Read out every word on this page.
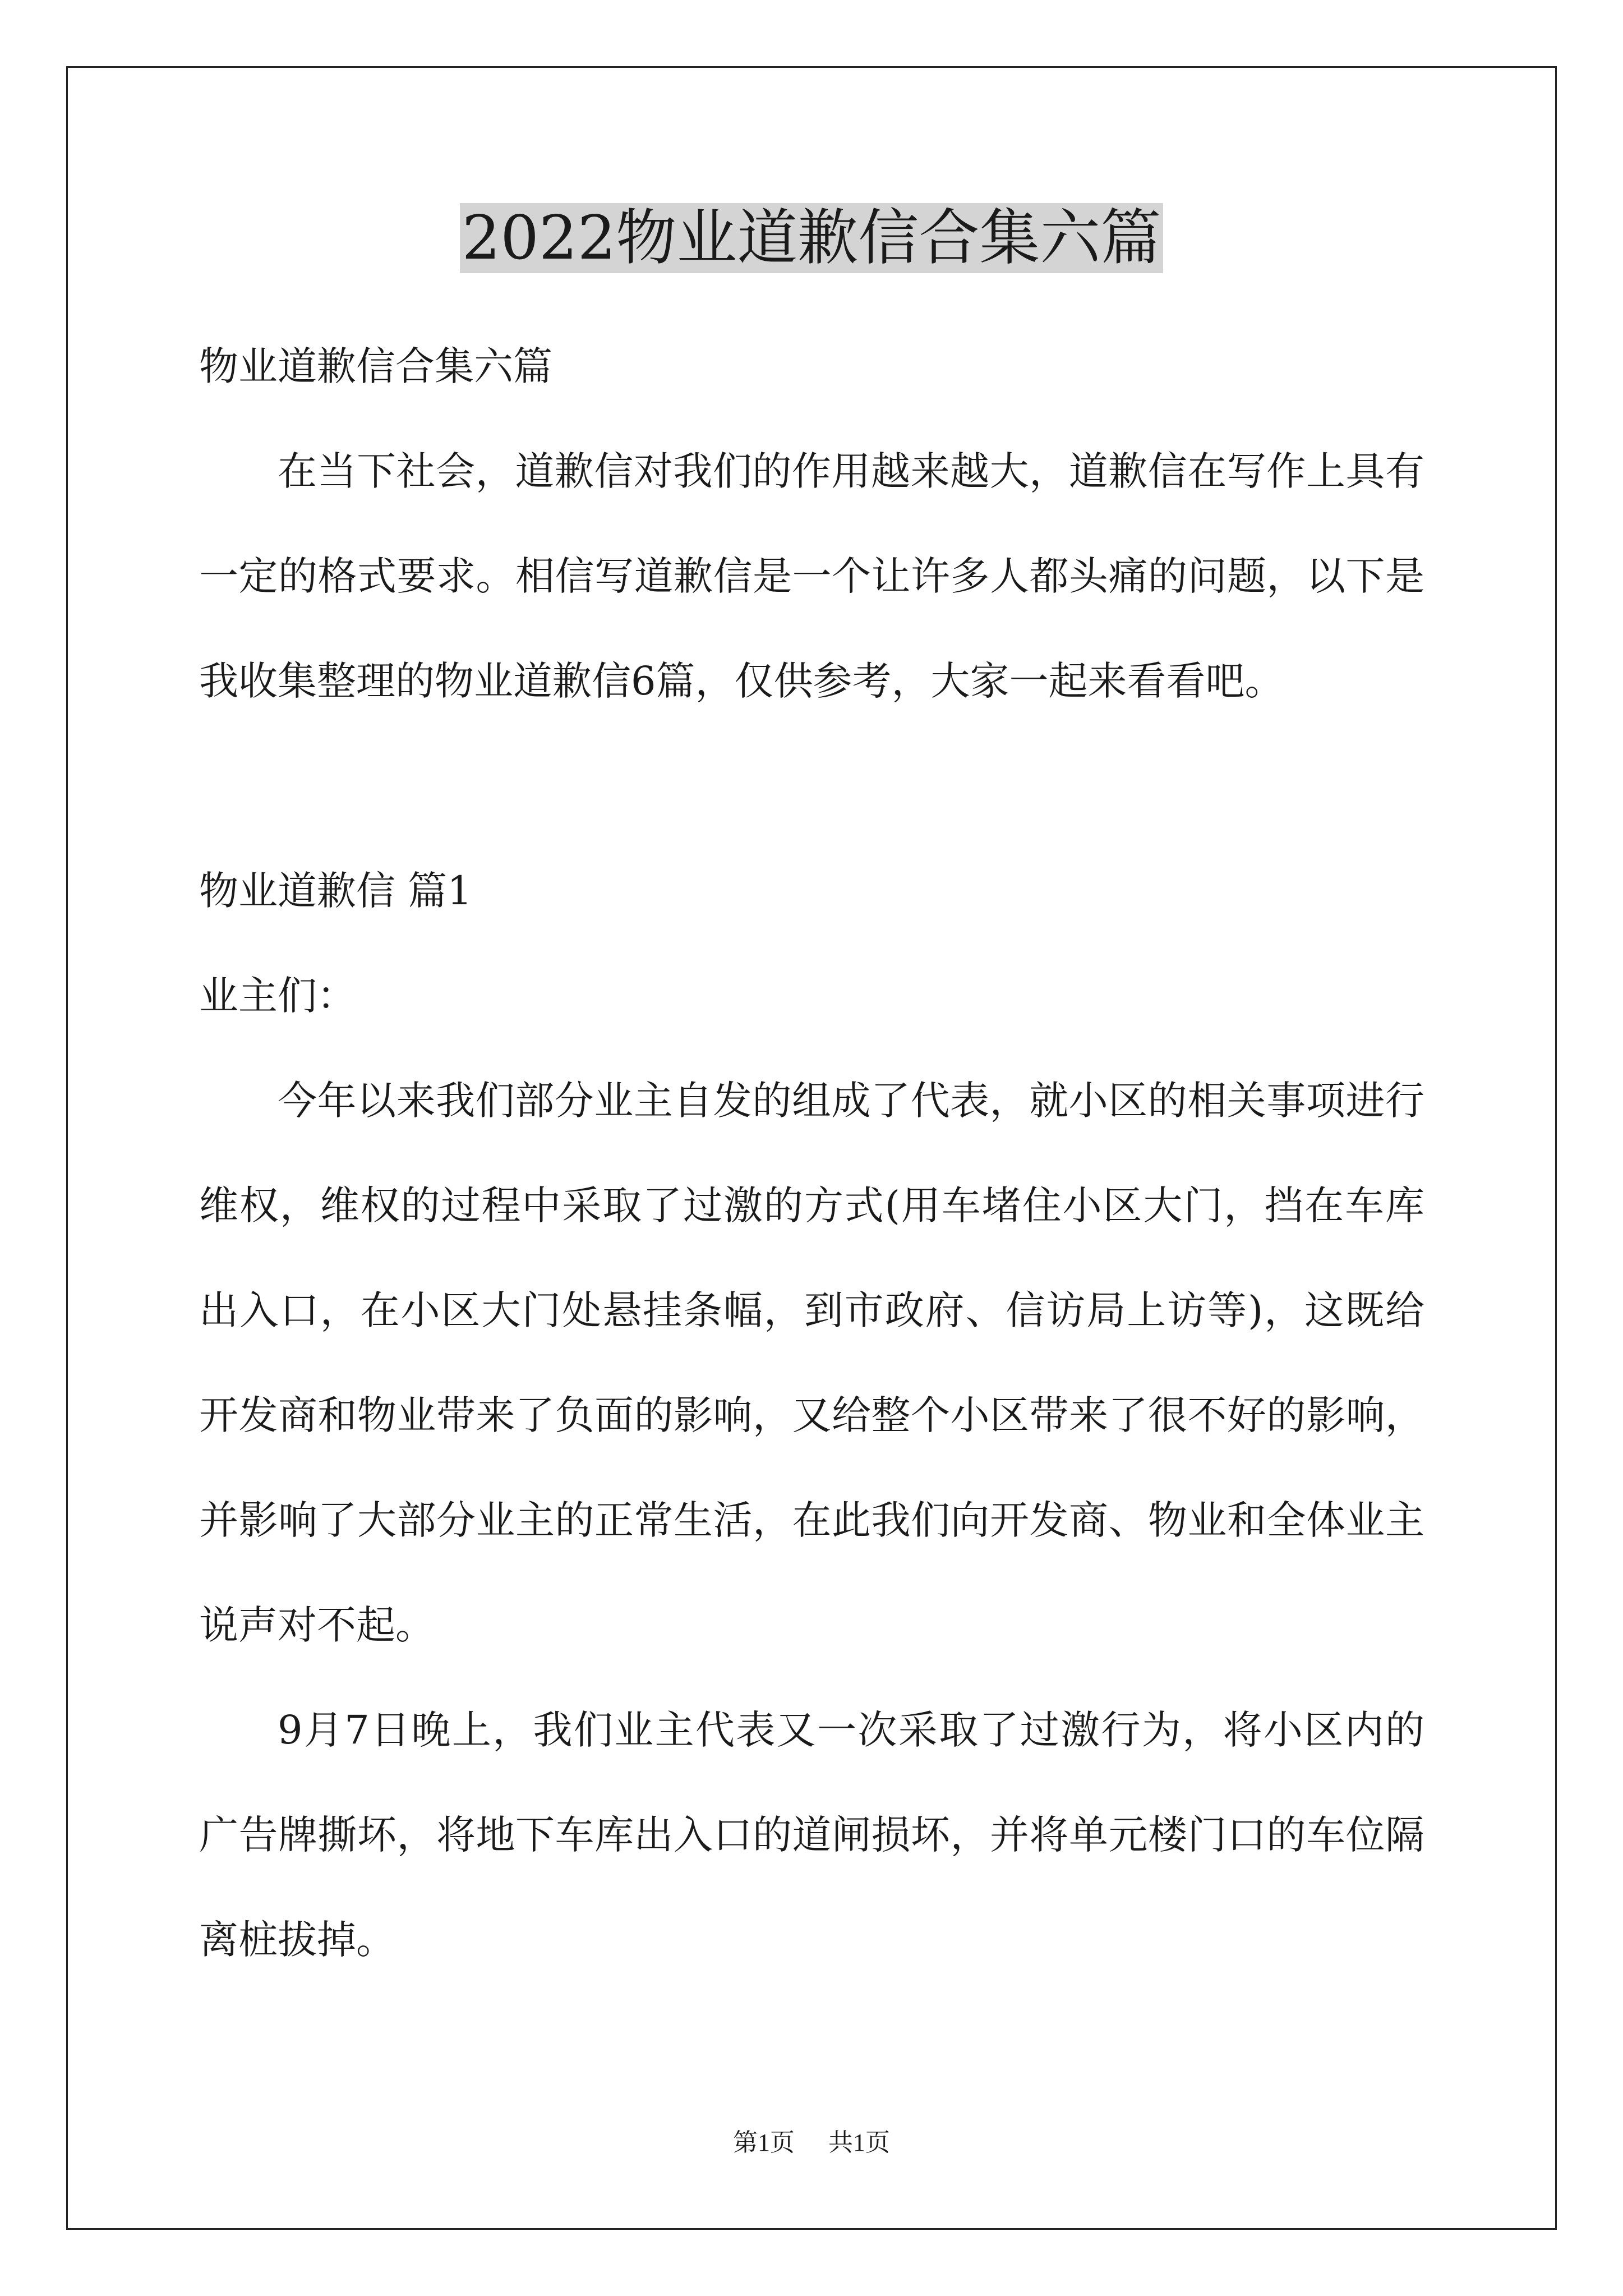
2022物业道歉信合集六篇

物业道歉信合集六篇

在当下社会，道歉信对我们的作用越来越大，道歉信在写作上具有一定的格式要求。相信写道歉信是一个让许多人都头痛的问题，以下是我收集整理的物业道歉信6篇，仅供参考，大家一起来看看吧。

物业道歉信 篇1

业主们：

今年以来我们部分业主自发的组成了代表，就小区的相关事项进行维权，维权的过程中采取了过激的方式(用车堵住小区大门，挡在车库出入口，在小区大门处悬挂条幅，到市政府、信访局上访等)，这既给开发商和物业带来了负面的影响，又给整个小区带来了很不好的影响，并影响了大部分业主的正常生活，在此我们向开发商、物业和全体业主说声对不起。

9月7日晚上，我们业主代表又一次采取了过激行为，将小区内的广告牌撕坏，将地下车库出入口的道闸损坏，并将单元楼门口的车位隔离桩拔掉。

第1页 共1页
